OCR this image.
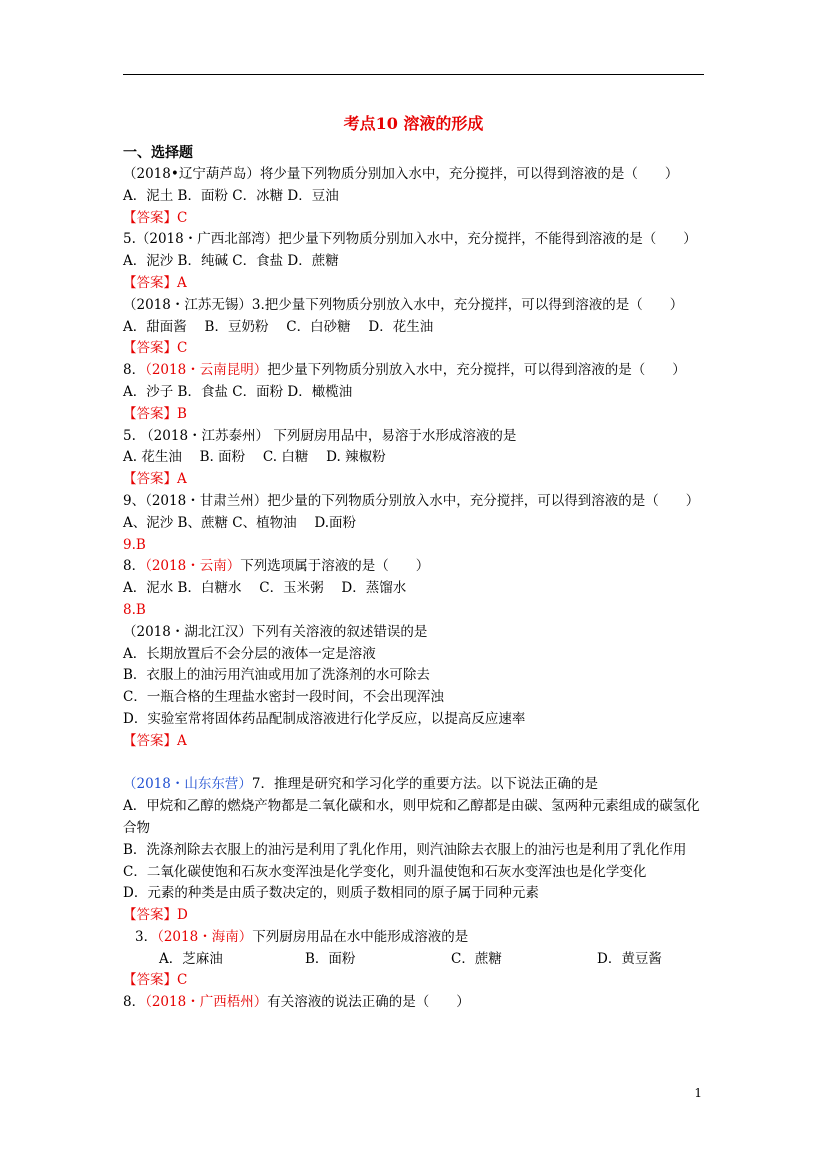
考点10 溶液的形成
一、选择题
（2018•辽宁葫芦岛）将少量下列物质分别加入水中，充分搅拌，可以得到溶液的是（　　）
A．泥土 B．面粉 C．冰糖 D．豆油
【答案】C
5.（2018・广西北部湾）把少量下列物质分别加入水中，充分搅拌，不能得到溶液的是（　　）
A．泥沙 B．纯碱 C．食盐 D．蔗糖
【答案】A
（2018・江苏无锡）3.把少量下列物质分别放入水中，充分搅拌，可以得到溶液的是（　　）
A．甜面酱　 B．豆奶粉　 C．白砂糖　 D．花生油
【答案】C
8．（2018・云南昆明）把少量下列物质分别放入水中，充分搅拌，可以得到溶液的是（　　）
A．沙子 B．食盐 C．面粉 D．橄榄油
【答案】B
5. （2018・江苏泰州） 下列厨房用品中，易溶于水形成溶液的是
A. 花生油　 B. 面粉　 C. 白糖　 D. 辣椒粉
【答案】A
9、（2018・甘肃兰州）把少量的下列物质分别放入水中，充分搅拌，可以得到溶液的是（　　）
A、泥沙 B、蔗糖 C、植物油　 D.面粉
9.B
8．（2018・云南）下列选项属于溶液的是（　　）
A．泥水 B．白糖水　 C．玉米粥　 D．蒸馏水
8.B
（2018・湖北江汉）下列有关溶液的叙述错误的是
A．长期放置后不会分层的液体一定是溶液
B．衣服上的油污用汽油或用加了洗涤剂的水可除去
C．一瓶合格的生理盐水密封一段时间，不会出现浑浊
D．实验室常将固体药品配制成溶液进行化学反应，以提高反应速率
【答案】A
（2018・山东东营）7．推理是研究和学习化学的重要方法。以下说法正确的是
A．甲烷和乙醇的燃烧产物都是二氧化碳和水，则甲烷和乙醇都是由碳、氢两种元素组成的碳氢化合物
B．洗涤剂除去衣服上的油污是利用了乳化作用，则汽油除去衣服上的油污也是利用了乳化作用
C．二氧化碳使饱和石灰水变浑浊是化学变化，则升温使饱和石灰水变浑浊也是化学变化
D．元素的种类是由质子数决定的，则质子数相同的原子属于同种元素
【答案】D
3．（2018・海南）下列厨房用品在水中能形成溶液的是
A．芝麻油	B．面粉	C．蔗糖	D．黄豆酱
【答案】C
8．（2018・广西梧州）有关溶液的说法正确的是（　　）
1
